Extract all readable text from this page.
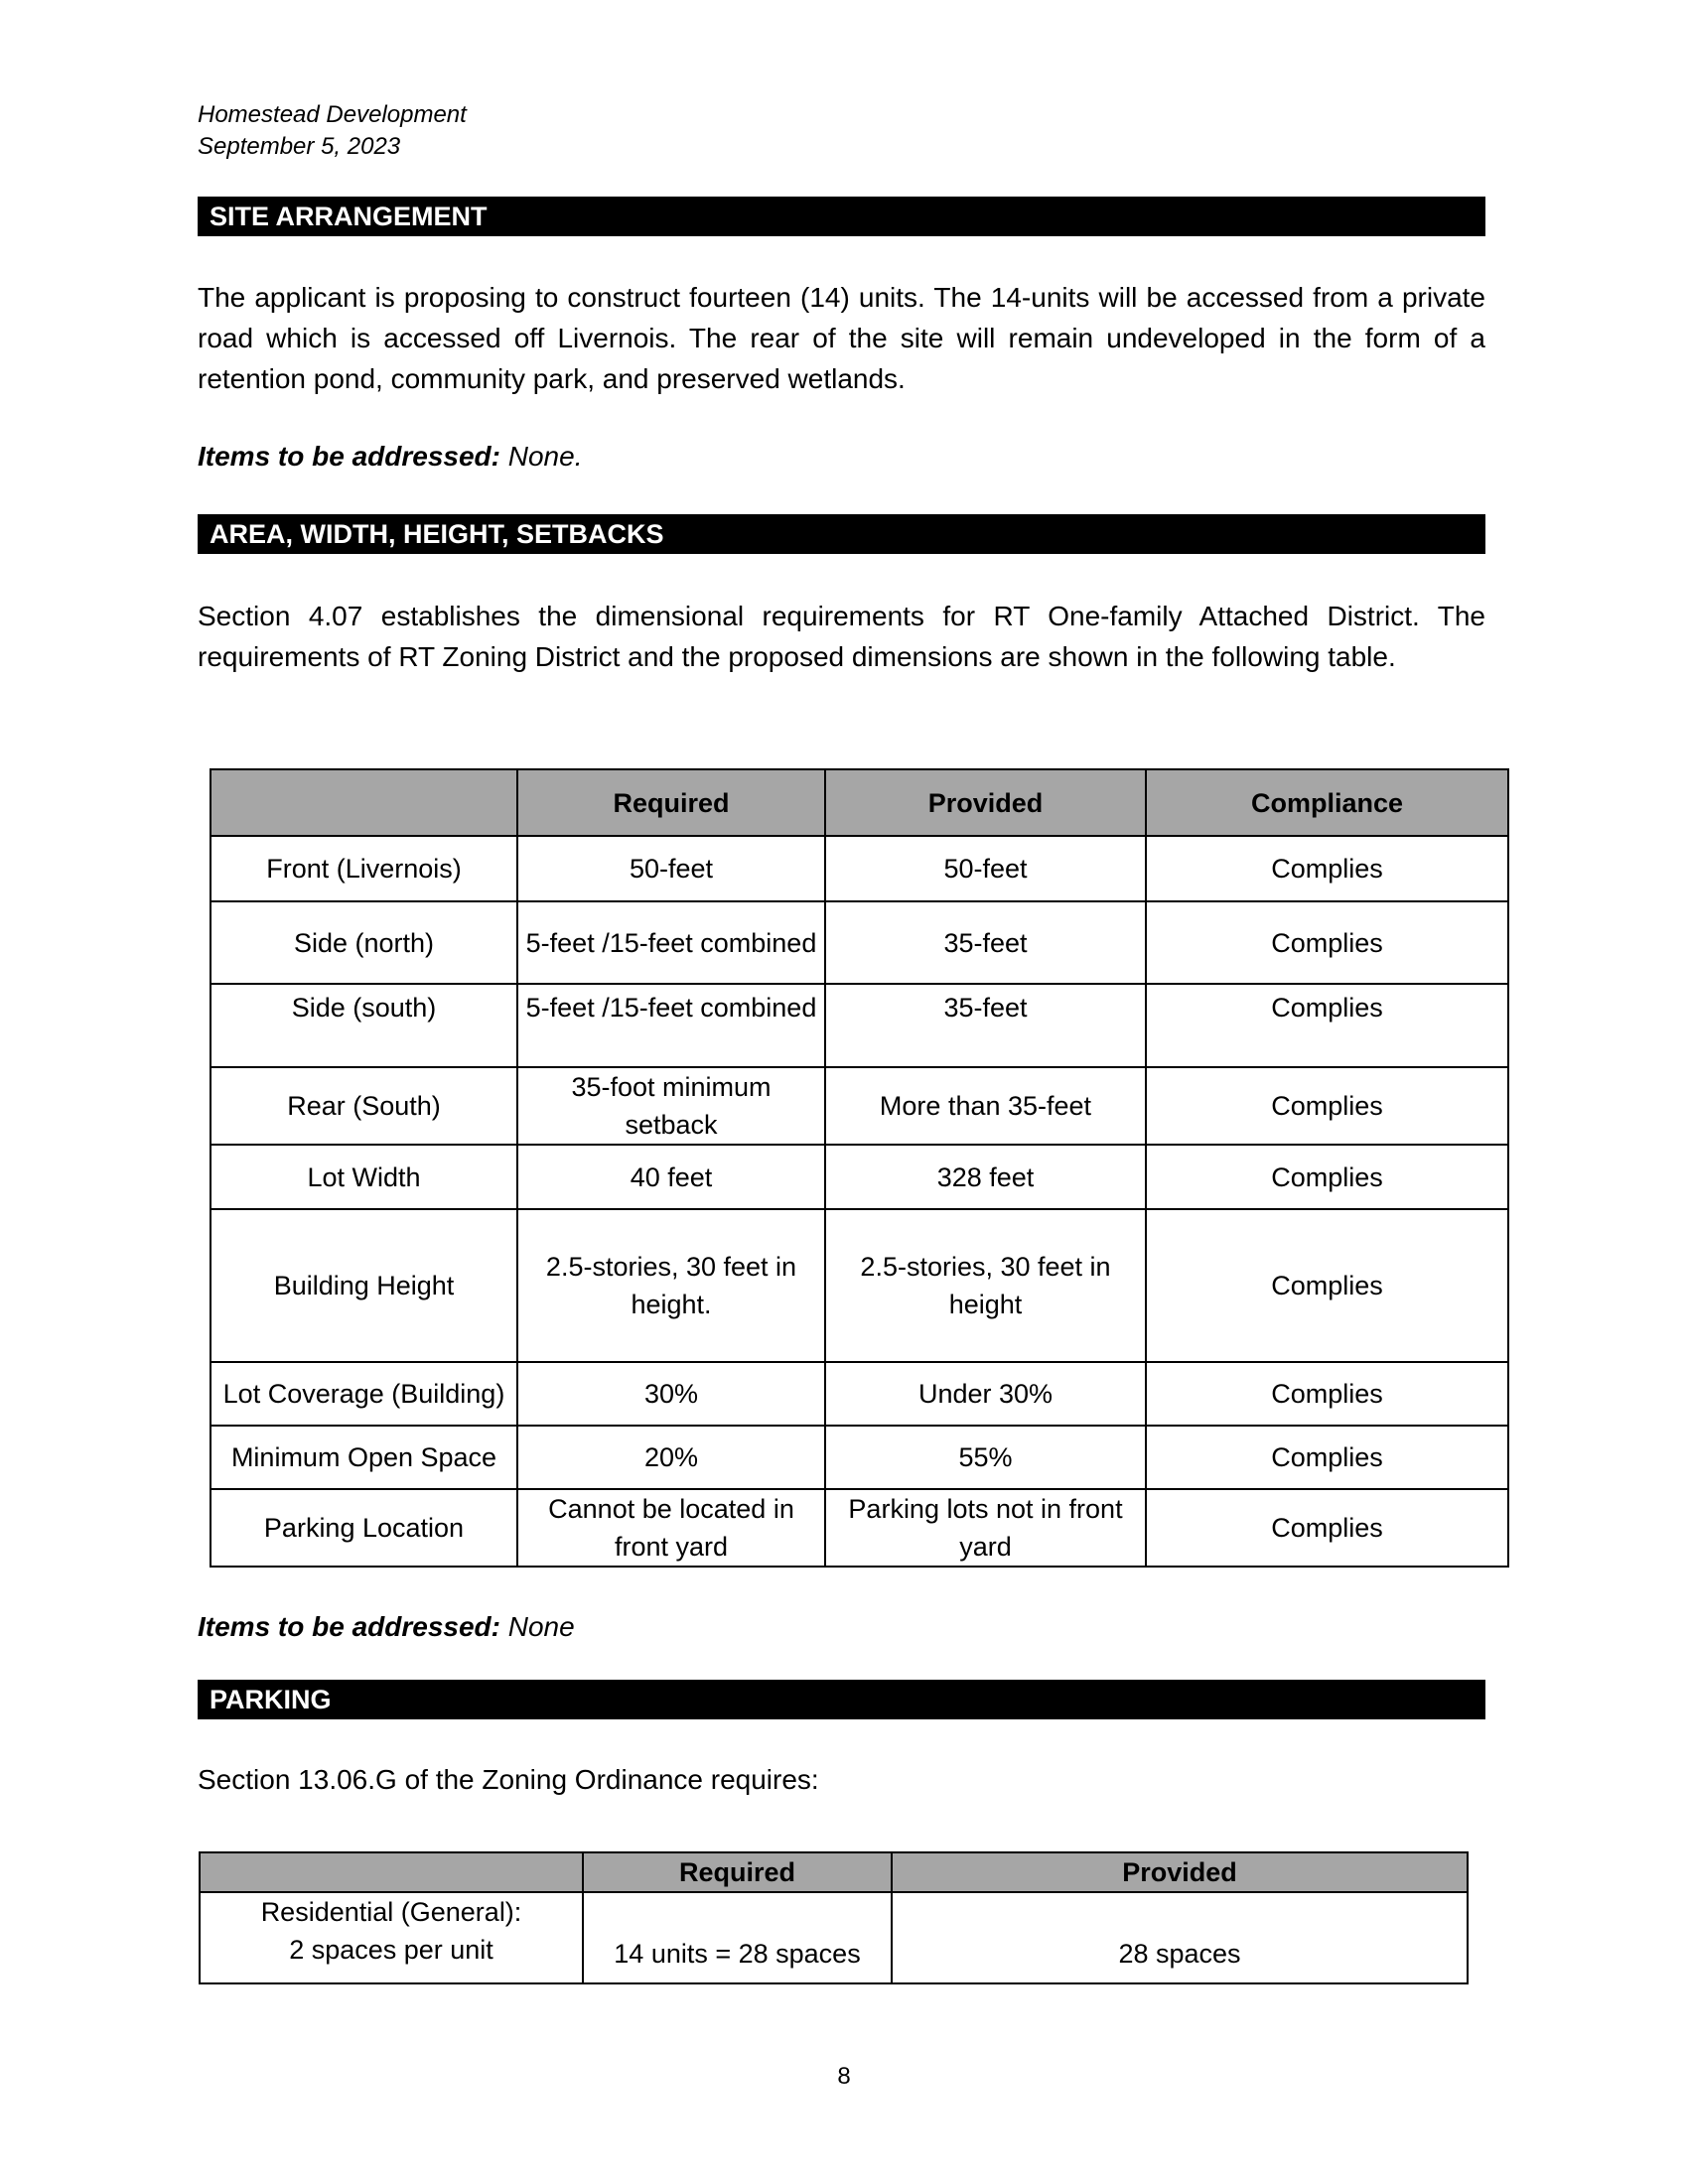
Homestead Development
September 5, 2023
SITE ARRANGEMENT

The applicant is proposing to construct fourteen (14) units. The 14-units will be accessed from a private road which is accessed off Livernois. The rear of the site will remain undeveloped in the form of a retention pond, community park, and preserved wetlands.

Items to be addressed: None.
AREA, WIDTH, HEIGHT, SETBACKS

Section 4.07 establishes the dimensional requirements for RT One-family Attached District. The requirements of RT Zoning District and the proposed dimensions are shown in the following table.

	Required	Provided	Compliance
Front (Livernois)	50-feet	50-feet	Complies
Side (north)	5-feet /15-feet combined	35-feet	Complies
Side (south)	5-feet /15-feet combined	35-feet	Complies
Rear (South)	35-foot minimum setback	More than 35-feet	Complies
Lot Width	40 feet	328 feet	Complies
Building Height	2.5-stories, 30 feet in height.	2.5-stories, 30 feet in height	Complies
Lot Coverage (Building)	30%	Under 30%	Complies
Minimum Open Space	20%	55%	Complies
Parking Location	Cannot be located in front yard	Parking lots not in front yard	Complies
Items to be addressed: None
PARKING

Section 13.06.G of the Zoning Ordinance requires:

	Required	Provided

Residential (General):
2 spaces per unit	14 units = 28 spaces	28 spaces
8
